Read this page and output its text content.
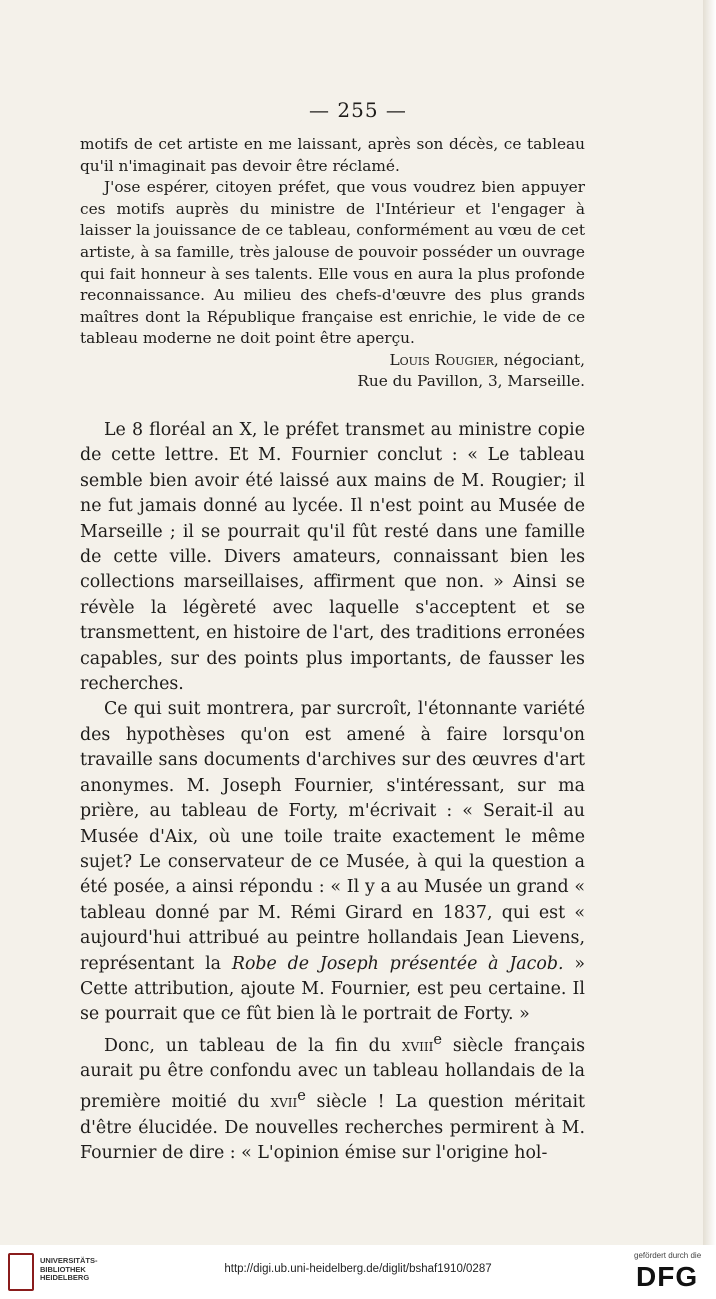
— 255 —

motifs de cet artiste en me laissant, après son décès, ce tableau qu'il n'imaginait pas devoir être réclamé.

J'ose espérer, citoyen préfet, que vous voudrez bien appuyer ces motifs auprès du ministre de l'Intérieur et l'engager à laisser la jouissance de ce tableau, conformément au vœu de cet artiste, à sa famille, très jalouse de pouvoir posséder un ouvrage qui fait honneur à ses talents. Elle vous en aura la plus profonde reconnaissance. Au milieu des chefs-d'œuvre des plus grands maîtres dont la République française est enrichie, le vide de ce tableau moderne ne doit point être aperçu.

Louis Rougier, négociant,
Rue du Pavillon, 3, Marseille.

Le 8 floréal an X, le préfet transmet au ministre copie de cette lettre. Et M. Fournier conclut : « Le tableau semble bien avoir été laissé aux mains de M. Rougier; il ne fut jamais donné au lycée. Il n'est point au Musée de Marseille ; il se pourrait qu'il fût resté dans une famille de cette ville. Divers amateurs, connaissant bien les collections marseillaises, affirment que non. » Ainsi se révèle la légèreté avec laquelle s'acceptent et se transmettent, en histoire de l'art, des traditions erronées capables, sur des points plus importants, de fausser les recherches.

Ce qui suit montrera, par surcroît, l'étonnante variété des hypothèses qu'on est amené à faire lorsqu'on travaille sans documents d'archives sur des œuvres d'art anonymes. M. Joseph Fournier, s'intéressant, sur ma prière, au tableau de Forty, m'écrivait : « Serait-il au Musée d'Aix, où une toile traite exactement le même sujet? Le conservateur de ce Musée, à qui la question a été posée, a ainsi répondu : « Il y a au Musée un grand « tableau donné par M. Rémi Girard en 1837, qui est « aujourd'hui attribué au peintre hollandais Jean Lievens, représentant la Robe de Joseph présentée à Jacob. » Cette attribution, ajoute M. Fournier, est peu certaine. Il se pourrait que ce fût bien là le portrait de Forty. »

Donc, un tableau de la fin du xviii$^e$ siècle français aurait pu être confondu avec un tableau hollandais de la première moitié du xvii$^e$ siècle ! La question méritait d'être élucidée. De nouvelles recherches permirent à M. Fournier de dire : « L'opinion émise sur l'origine hol-

UNIVERSITÄTS-
BIBLIOTHEK
HEIDELBERG
http://digi.ub.uni-heidelberg.de/diglit/bshaf1910/0287
gefördert durch die
DFG
